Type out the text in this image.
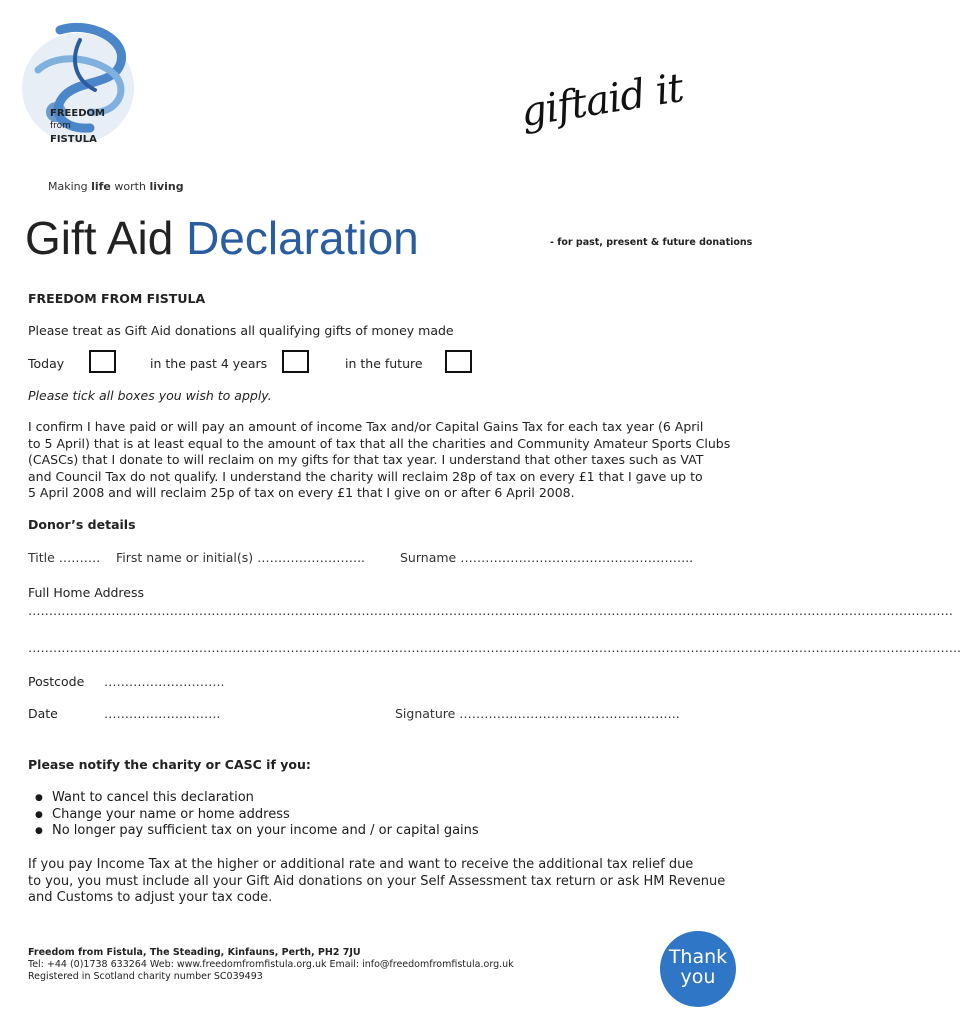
FREEDOM
from
FISTULA
Making life worth living
giftaid it
Gift Aid Declaration	- for past, present & future donations
FREEDOM FROM FISTULA
Please treat as Gift Aid donations all qualifying gifts of money made
Today	in the past 4 years	in the future
Please tick all boxes you wish to apply.
I confirm I have paid or will pay an amount of income Tax and/or Capital Gains Tax for each tax year (6 April
to 5 April) that is at least equal to the amount of tax that all the charities and Community Amateur Sports Clubs
(CASCs) that I donate to will reclaim on my gifts for that tax year. I understand that other taxes such as VAT
and Council Tax do not qualify. I understand the charity will reclaim 28p of tax on every £1 that I gave up to
5 April 2008 and will reclaim 25p of tax on every £1 that I give on or after 6 April 2008.
Donor’s details
Title ………. First name or initial(s) ……………………..	Surname ………………………………………………..
Full Home Address
……………………………………………………………………………………………………………………………………………………………………………………………………
……………………………………………………………………………………………………………………………………………………………………………………………………..
Postcode ………………………..
Date	……………………….	Signature ……………………………………………..
Please notify the charity or CASC if you:
● Want to cancel this declaration
● Change your name or home address
● No longer pay sufficient tax on your income and / or capital gains
If you pay Income Tax at the higher or additional rate and want to receive the additional tax relief due
to you, you must include all your Gift Aid donations on your Self Assessment tax return or ask HM Revenue
and Customs to adjust your tax code.
Freedom from Fistula, The Steading, Kinfauns, Perth, PH2 7JU
Tel: +44 (0)1738 633264 Web: www.freedomfromfistula.org.uk Email: info@freedomfromfistula.org.uk
Registered in Scotland charity number SC039493
Thank
you
